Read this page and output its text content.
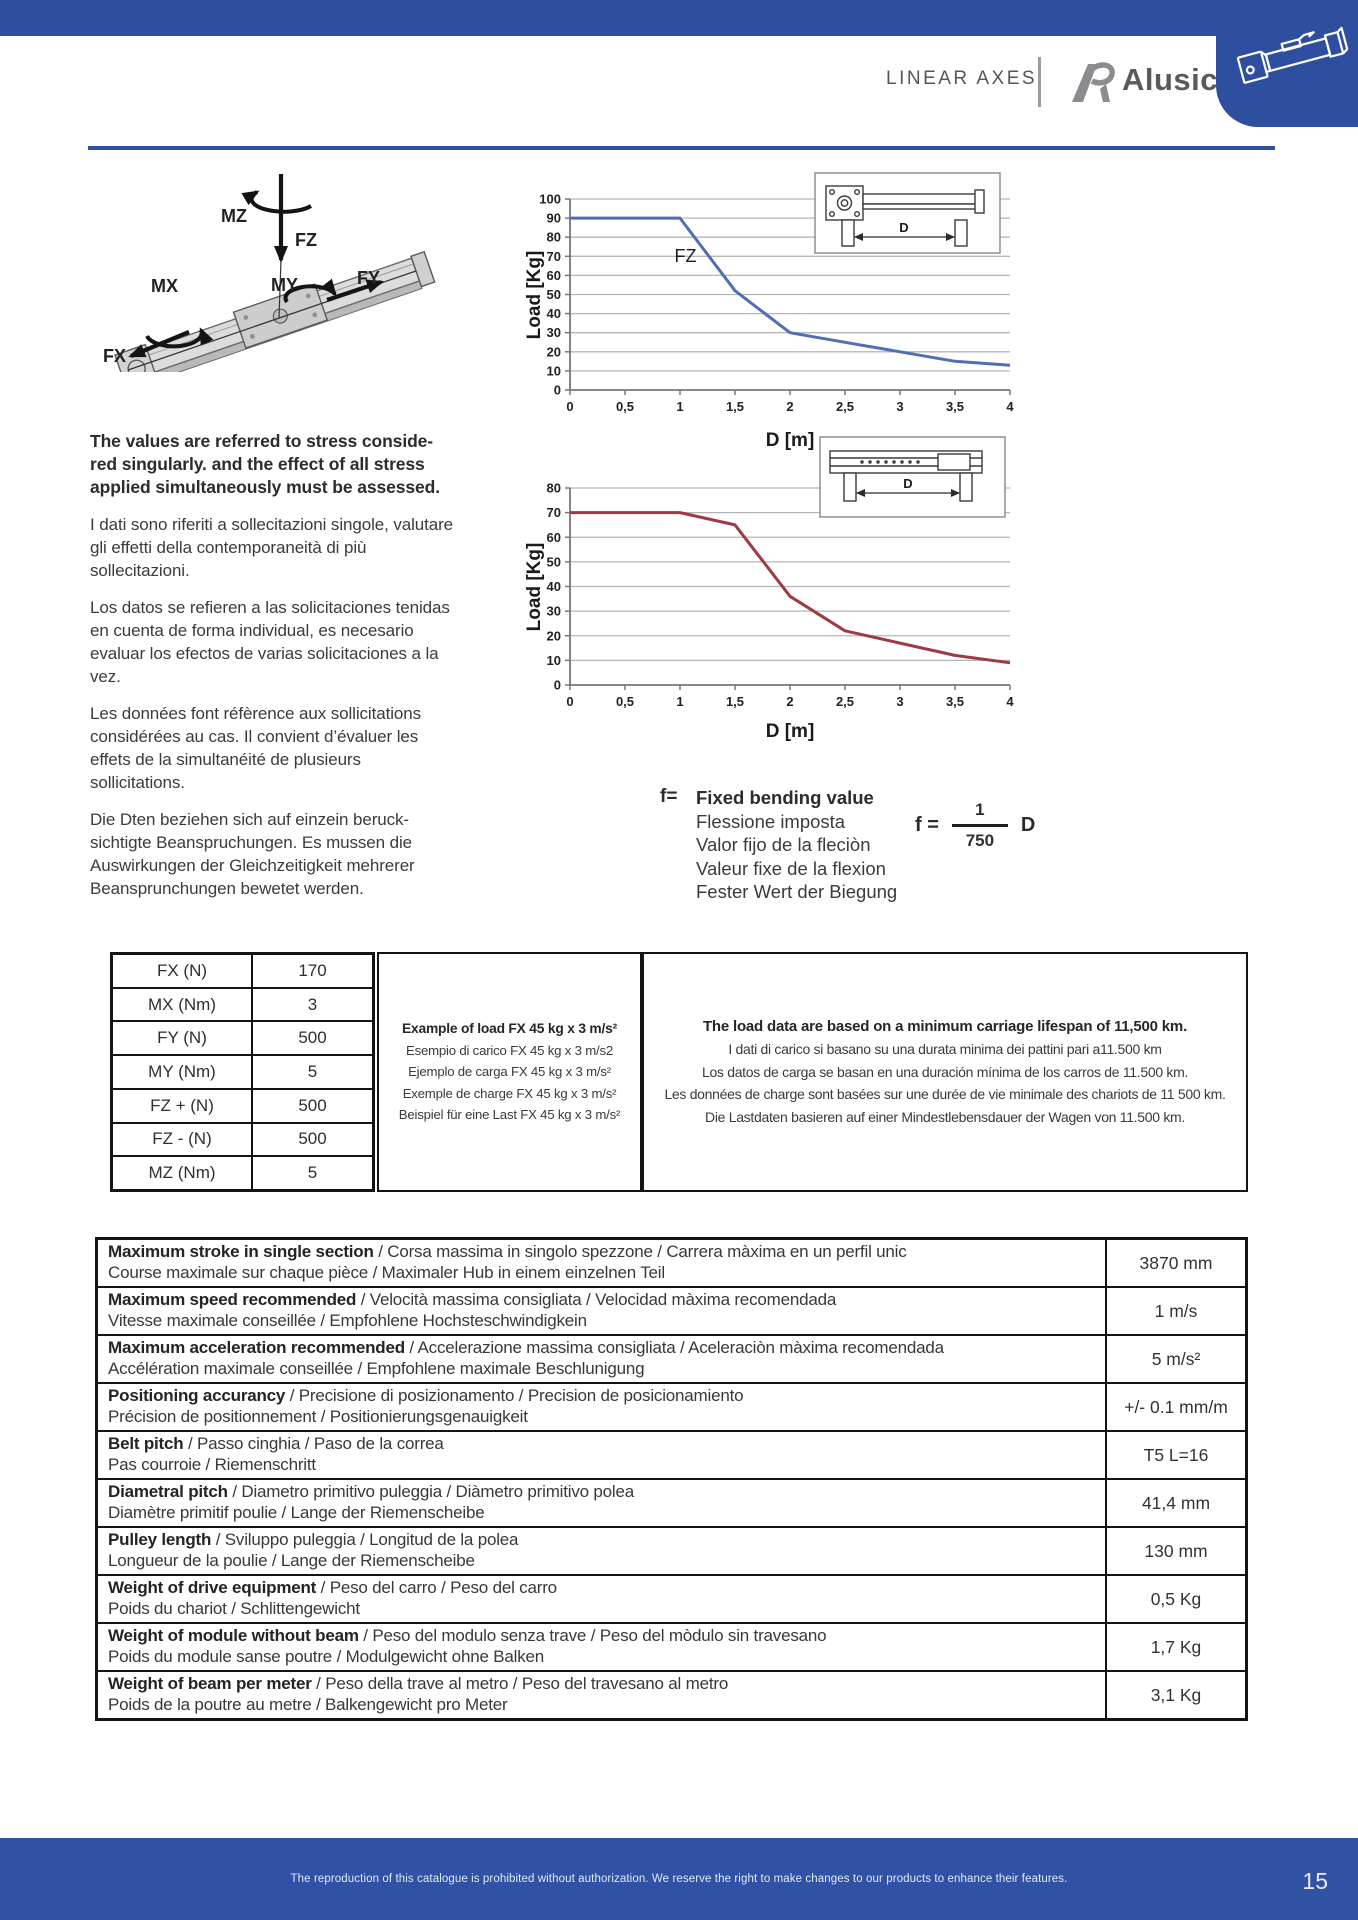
LINEAR AXES	Alusic
MZ
FZ
MX	MY
FX
FY
D [m]
Load [Kg]
0
10
20
30
40
50
60
70
80
90
100
0	0,5	1	1,5	2	2,5	3	3,5	4
FZ
D
D [m]
Load [Kg]
0
10
20
30
40
50
60
70
80
0	0,5	1	1,5	2	2,5	3	3,5	4
D

The values are referred to stress conside-red singularly. and the effect of all stress applied simultaneously must be assessed.

I dati sono riferiti a sollecitazioni singole, valutare gli effetti della contemporaneità di più sollecitazioni.

Los datos se refieren a las solicitaciones tenidas en cuenta de forma individual, es necesario evaluar los efectos de varias solicitaciones a la vez.

Les données font réfèrence aux sollicitations considérées au cas. Il convient d’évaluer les effets de la simultanéité de plusieurs sollicitations.

Die Dten beziehen sich auf einzein beruck-sichtigte Beanspruchungen. Es mussen die Auswirkungen der Gleichzeitigkeit mehrerer Beansprunchungen bewetet werden.

f= Fixed bending value
Flessione imposta
Valor fijo de la fleciòn
Valeur fixe de la flexion
Fester Wert der Biegung
$f = \frac{1}{750}$ D
FX (N)	170
MX (Nm)	3
FY (N)	500
MY (Nm)	5
FZ + (N)	500
FZ - (N)	500
MZ (Nm)	5
Example of load FX 45 kg x 3 m/s²
Esempio di carico FX 45 kg x 3 m/s2
Ejemplo de carga FX 45 kg x 3 m/s²
Exemple de charge FX 45 kg x 3 m/s²
Beispiel für eine Last FX 45 kg x 3 m/s²
The load data are based on a minimum carriage lifespan of 11,500 km.
I dati di carico si basano su una durata minima dei pattini pari a11.500 km
Los datos de carga se basan en una duración mínima de los carros de 11.500 km.
Les données de charge sont basées sur une durée de vie minimale des chariots de 11 500 km.
Die Lastdaten basieren auf einer Mindestlebensdauer der Wagen von 11.500 km.
Maximum stroke in single section / Corsa massima in singolo spezzone / Carrera màxima en un perfil unic
Course maximale sur chaque pièce / Maximaler Hub in einem einzelnen Teil	3870 mm
Maximum speed recommended / Velocità massima consigliata / Velocidad màxima recomendada
Vitesse maximale conseillée / Empfohlene Hochsteschwindigkein	1 m/s
Maximum acceleration recommended / Accelerazione massima consigliata / Aceleraciòn màxima recomendada
Accélération maximale conseillée / Empfohlene maximale Beschlunigung	5 m/s²
Positioning accurancy / Precisione di posizionamento / Precision de posicionamiento
Précision de positionnement / Positionierungsgenauigkeit	+/- 0.1 mm/m
Belt pitch / Passo cinghia / Paso de la correa
Pas courroie / Riemenschritt	T5 L=16
Diametral pitch / Diametro primitivo puleggia / Diàmetro primitivo polea
Diamètre primitif poulie / Lange der Riemenscheibe	41,4 mm
Pulley length / Sviluppo puleggia / Longitud de la polea
Longueur de la poulie / Lange der Riemenscheibe	130 mm
Weight of drive equipment / Peso del carro / Peso del carro
Poids du chariot / Schlittengewicht	0,5 Kg
Weight of module without beam / Peso del modulo senza trave / Peso del mòdulo sin travesano
Poids du module sanse poutre / Modulgewicht ohne Balken	1,7 Kg
Weight of beam per meter / Peso della trave al metro / Peso del travesano al metro
Poids de la poutre au metre / Balkengewicht pro Meter	3,1 Kg
The reproduction of this catalogue is prohibited without authorization. We reserve the right to make changes to our products to enhance their features.	15
